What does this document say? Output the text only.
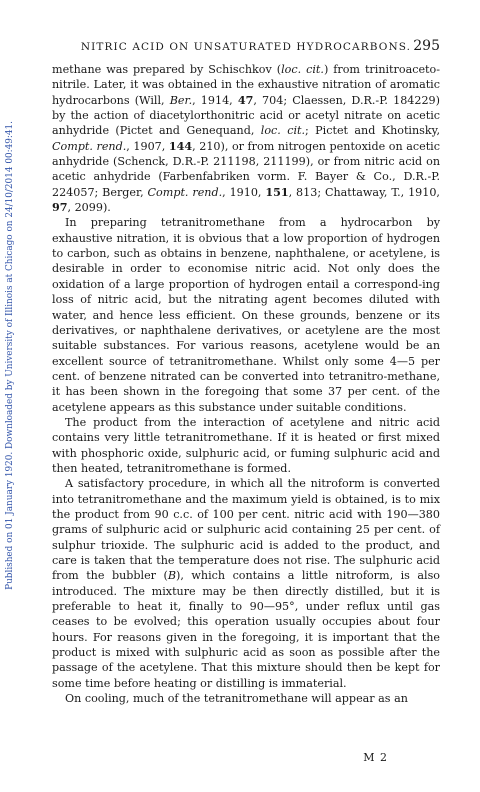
Published on 01 January 1920. Downloaded by University of Illinois at Chicago on 24/10/2014 00:49:41.
NITRIC ACID ON UNSATURATED HYDROCARBONS. 295

methane was prepared by Schischkov (loc. cit.) from trinitroaceto-nitrile. Later, it was obtained in the exhaustive nitration of aromatic hydrocarbons (Will, Ber., 1914, 47, 704; Claessen, D.R.-P. 184229) by the action of diacetylorthonitric acid or acetyl nitrate on acetic anhydride (Pictet and Genequand, loc. cit.; Pictet and Khotinsky, Compt. rend., 1907, 144, 210), or from nitrogen pentoxide on acetic anhydride (Schenck, D.R.-P. 211198, 211199), or from nitric acid on acetic anhydride (Farbenfabriken vorm. F. Bayer & Co., D.R.-P. 224057; Berger, Compt. rend., 1910, 151, 813; Chattaway, T., 1910, 97, 2099).

In preparing tetranitromethane from a hydrocarbon by exhaustive nitration, it is obvious that a low proportion of hydrogen to carbon, such as obtains in benzene, naphthalene, or acetylene, is desirable in order to economise nitric acid. Not only does the oxidation of a large proportion of hydrogen entail a correspond-ing loss of nitric acid, but the nitrating agent becomes diluted with water, and hence less efficient. On these grounds, benzene or its derivatives, or naphthalene derivatives, or acetylene are the most suitable substances. For various reasons, acetylene would be an excellent source of tetranitromethane. Whilst only some 4—5 per cent. of benzene nitrated can be converted into tetranitro-methane, it has been shown in the foregoing that some 37 per cent. of the acetylene appears as this substance under suitable conditions.

The product from the interaction of acetylene and nitric acid contains very little tetranitromethane. If it is heated or first mixed with phosphoric oxide, sulphuric acid, or fuming sulphuric acid and then heated, tetranitromethane is formed.

A satisfactory procedure, in which all the nitroform is converted into tetranitromethane and the maximum yield is obtained, is to mix the product from 90 c.c. of 100 per cent. nitric acid with 190—380 grams of sulphuric acid or sulphuric acid containing 25 per cent. of sulphur trioxide. The sulphuric acid is added to the product, and care is taken that the temperature does not rise. The sulphuric acid from the bubbler (B), which contains a little nitroform, is also introduced. The mixture may be then directly distilled, but it is preferable to heat it, finally to 90—95°, under reflux until gas ceases to be evolved; this operation usually occupies about four hours. For reasons given in the foregoing, it is important that the product is mixed with sulphuric acid as soon as possible after the passage of the acetylene. That this mixture should then be kept for some time before heating or distilling is immaterial.

On cooling, much of the tetranitromethane will appear as an

M 2
